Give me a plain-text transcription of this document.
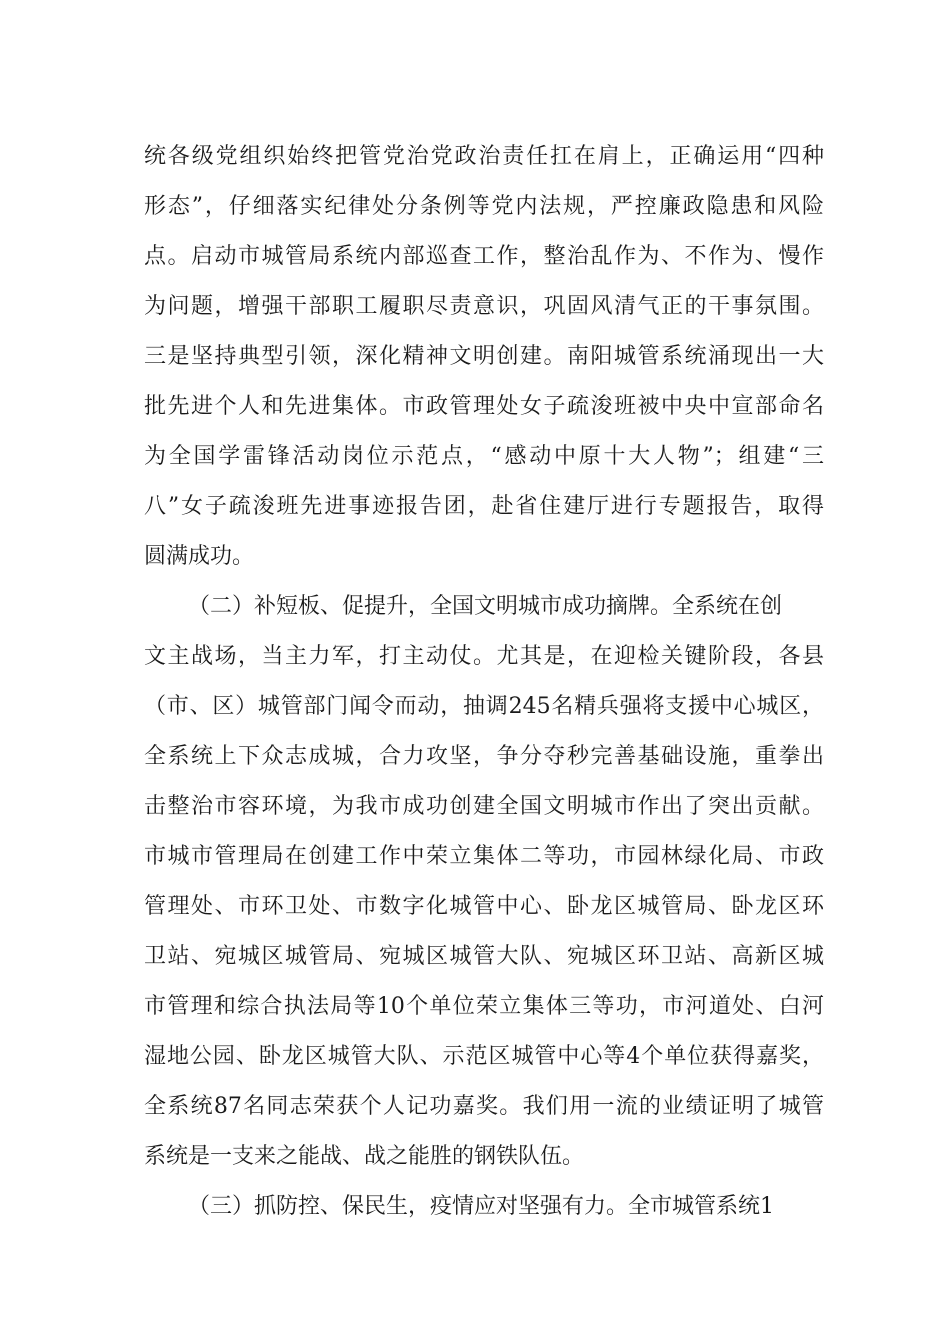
统各级党组织始终把管党治党政治责任扛在肩上，正确运用“四种
形态”，仔细落实纪律处分条例等党内法规，严控廉政隐患和风险
点。启动市城管局系统内部巡查工作，整治乱作为、不作为、慢作
为问题，增强干部职工履职尽责意识，巩固风清气正的干事氛围。
三是坚持典型引领，深化精神文明创建。南阳城管系统涌现出一大
批先进个人和先进集体。市政管理处女子疏浚班被中央中宣部命名
为全国学雷锋活动岗位示范点，“感动中原十大人物”；组建“三
八”女子疏浚班先进事迹报告团，赴省住建厅进行专题报告，取得
圆满成功。
（二）补短板、促提升，全国文明城市成功摘牌。全系统在创
文主战场，当主力军，打主动仗。尤其是，在迎检关键阶段，各县
（市、区）城管部门闻令而动，抽调245名精兵强将支援中心城区，
全系统上下众志成城，合力攻坚，争分夺秒完善基础设施，重拳出
击整治市容环境，为我市成功创建全国文明城市作出了突出贡献。
市城市管理局在创建工作中荣立集体二等功，市园林绿化局、市政
管理处、市环卫处、市数字化城管中心、卧龙区城管局、卧龙区环
卫站、宛城区城管局、宛城区城管大队、宛城区环卫站、高新区城
市管理和综合执法局等10个单位荣立集体三等功，市河道处、白河
湿地公园、卧龙区城管大队、示范区城管中心等4个单位获得嘉奖，
全系统87名同志荣获个人记功嘉奖。我们用一流的业绩证明了城管
系统是一支来之能战、战之能胜的钢铁队伍。
（三）抓防控、保民生，疫情应对坚强有力。全市城管系统1
